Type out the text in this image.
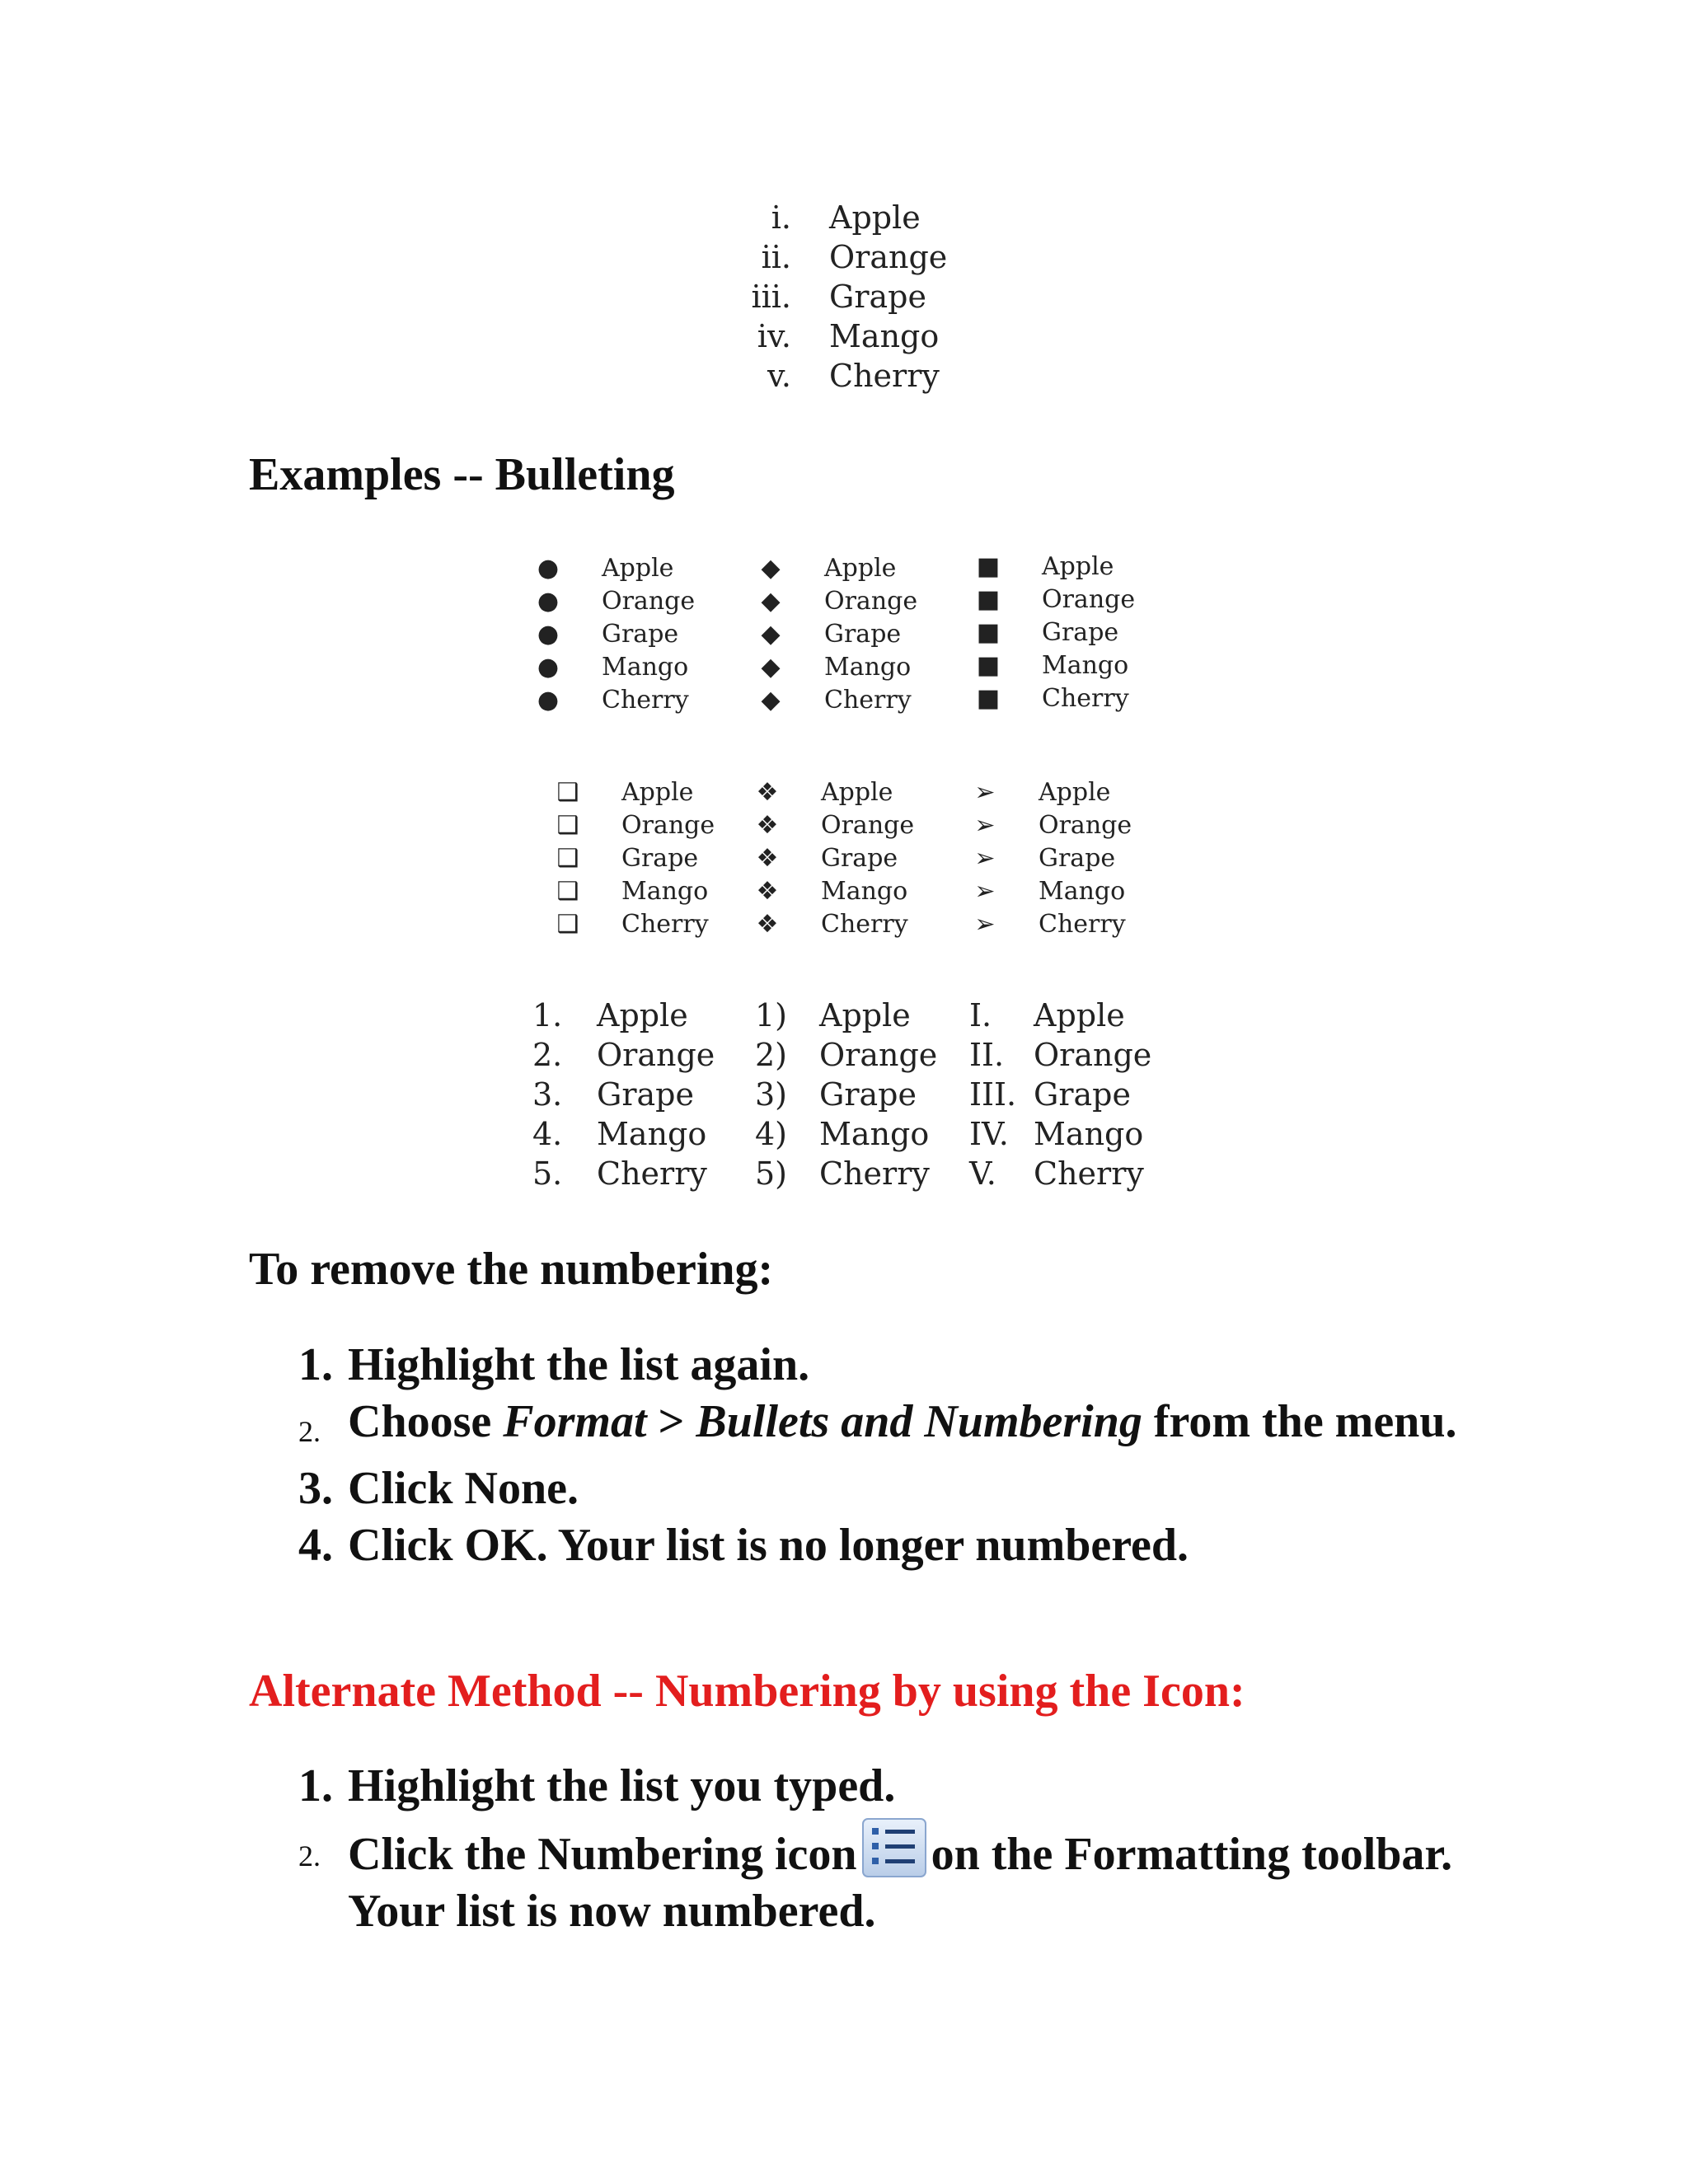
i. Apple
ii. Orange
iii. Grape
iv. Mango
v. Cherry
Examples -- Bulleting
● Apple
● Orange
● Grape
● Mango
● Cherry
◆ Apple
◆ Orange
◆ Grape
◆ Mango
◆ Cherry
■ Apple
■ Orange
■ Grape
■ Mango
■ Cherry
❑ Apple
❑ Orange
❑ Grape
❑ Mango
❑ Cherry
❖ Apple
❖ Orange
❖ Grape
❖ Mango
❖ Cherry
➢ Apple
➢ Orange
➢ Grape
➢ Mango
➢ Cherry
1.	Apple
2.	Orange
3.	Grape
4.	Mango
5.	Cherry
1)	Apple
2)	Orange
3)	Grape
4)	Mango
5)	Cherry
I.	Apple
II. Orange
III. Grape
IV. Mango
V.	Cherry
To remove the numbering:
1. Highlight the list again.
2. Choose Format > Bullets and Numbering from the menu.
3. Click None.
4. Click OK. Your list is no longer numbered.
Alternate Method -- Numbering by using the Icon:
1. Highlight the list you typed.
2. Click the Numbering icon on the Formatting toolbar. Your list is now numbered.
